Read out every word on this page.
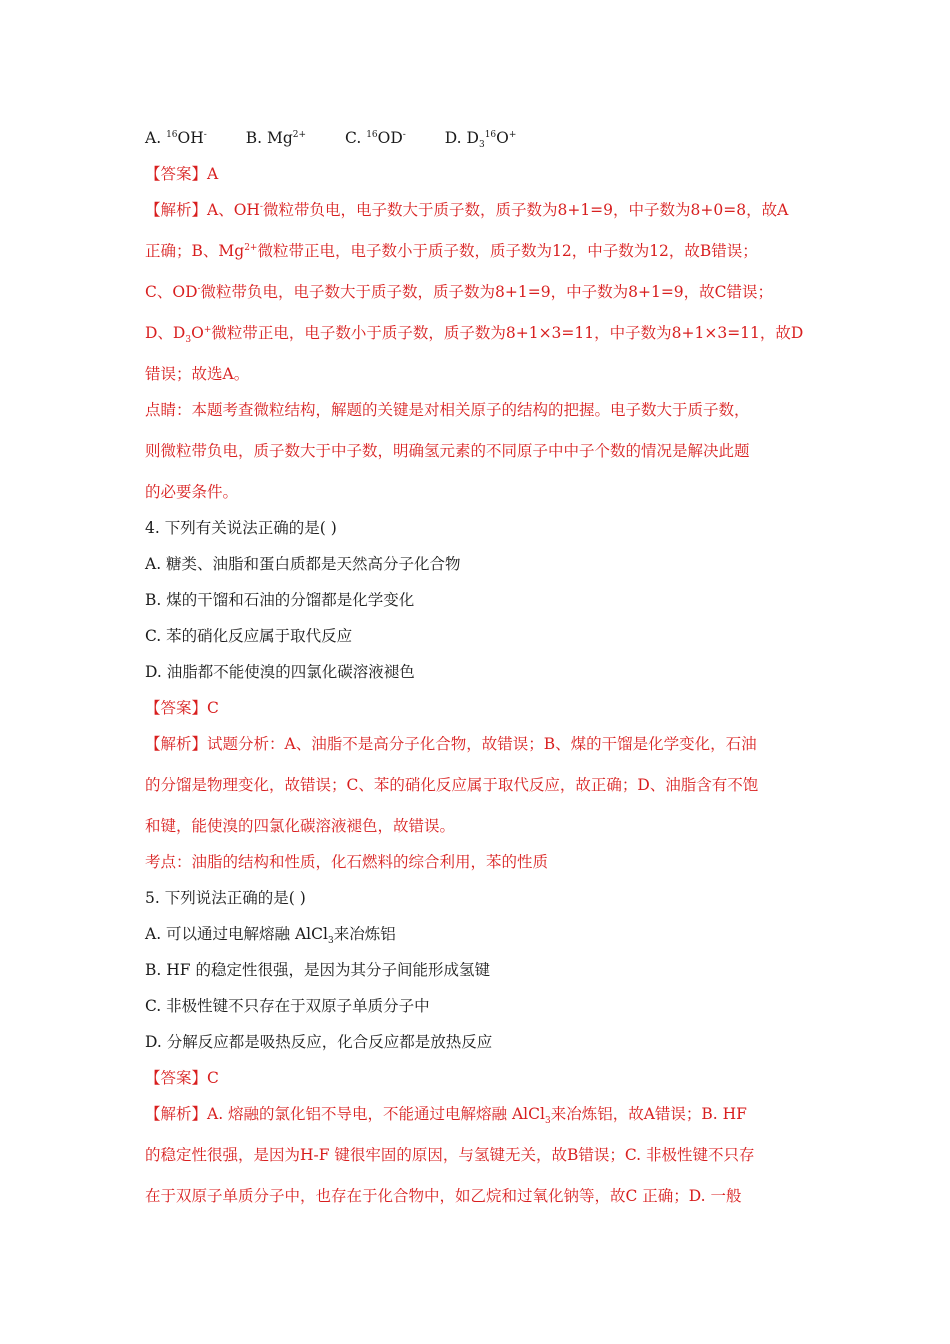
A. $^{16}$OH-	B. $Mg^{2+}$	C. $^{16}$OD-	D. $D_3^{16}O^+$
【答案】A
【解析】A、OH-微粒带负电，电子数大于质子数，质子数为8+1=9，中子数为8+0=8，故A
正确；B、$Mg^{2+}$微粒带正电，电子数小于质子数，质子数为12，中子数为12，故B错误；
C、OD-微粒带负电，电子数大于质子数，质子数为8+1=9，中子数为8+1=9，故C错误；
D、$D_3O^+$微粒带正电，电子数小于质子数，质子数为8+1×3=11，中子数为8+1×3=11，故D
错误；故选A。
点睛：本题考查微粒结构，解题的关键是对相关原子的结构的把握。电子数大于质子数，
则微粒带负电，质子数大于中子数，明确氢元素的不同原子中中子个数的情况是解决此题
的必要条件。
4. 下列有关说法正确的是( )
A. 糖类、油脂和蛋白质都是天然高分子化合物
B. 煤的干馏和石油的分馏都是化学变化
C. 苯的硝化反应属于取代反应
D. 油脂都不能使溴的四氯化碳溶液褪色
【答案】C
【解析】试题分析：A、油脂不是高分子化合物，故错误；B、煤的干馏是化学变化，石油
的分馏是物理变化，故错误；C、苯的硝化反应属于取代反应，故正确；D、油脂含有不饱
和键，能使溴的四氯化碳溶液褪色，故错误。
考点：油脂的结构和性质，化石燃料的综合利用，苯的性质
5. 下列说法正确的是( )
A. 可以通过电解熔融 AlCl$_3$来冶炼铝
B. HF 的稳定性很强，是因为其分子间能形成氢键
C. 非极性键不只存在于双原子单质分子中
D. 分解反应都是吸热反应，化合反应都是放热反应
【答案】C
【解析】A. 熔融的氯化铝不导电，不能通过电解熔融 AlCl$_3$来冶炼铝，故A错误；B. HF
的稳定性很强，是因为H-F 键很牢固的原因，与氢键无关，故B错误；C. 非极性键不只存
在于双原子单质分子中，也存在于化合物中，如乙烷和过氧化钠等，故C 正确；D. 一般
